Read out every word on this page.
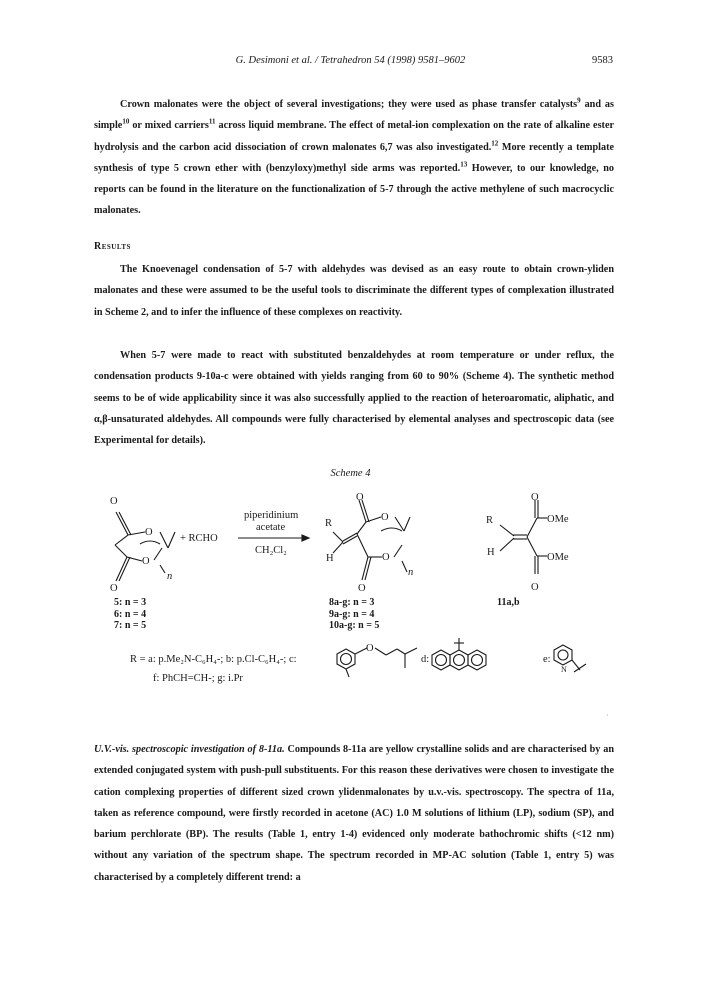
G. Desimoni et al. / Tetrahedron 54 (1998) 9581–9602	9583

Crown malonates were the object of several investigations; they were used as phase transfer catalysts$^9$ and as simple$^{10}$ or mixed carriers$^{11}$ across liquid membrane. The effect of metal-ion complexation on the rate of alkaline ester hydrolysis and the carbon acid dissociation of crown malonates 6,7 was also investigated.$^{12}$ More recently a template synthesis of type 5 crown ether with (benzyloxy)methyl side arms was reported.$^{13}$ However, to our knowledge, no reports can be found in the literature on the functionalization of 5-7 through the active methylene of such macrocyclic malonates.

Results

The Knoevenagel condensation of 5-7 with aldehydes was devised as an easy route to obtain crown-yliden malonates and these were assumed to be the useful tools to discriminate the different types of complexation illustrated in Scheme 2, and to infer the influence of these complexes on reactivity.

When 5-7 were made to react with substituted benzaldehydes at room temperature or under reflux, the condensation products 9-10a-c were obtained with yields ranging from 60 to 90% (Scheme 4). The synthetic method seems to be of wide applicability since it was also successfully applied to the reaction of heteroaromatic, aliphatic, and α,β-unsaturated aldehydes. All compounds were fully characterised by elemental analyses and spectroscopic data (see Experimental for details).

Scheme 4
O
O
O
O
n
+ RCHO
piperidinium
acetate
CH₂Cl₂
O
R
O
H	O
n
O
O
R	OMe
H	OMe
O
O
N
5: n = 3
6: n = 4
7: n = 5
8a-g: n = 3
9a-g: n = 4
10a-g: n = 5
11a,b
R = a: p.Me₂N-C₆H₄-; b: p.Cl-C₆H₄-; c:	d:	e:
f: PhCH=CH-; g: i.Pr
·

U.V.-vis. spectroscopic investigation of 8-11a. Compounds 8-11a are yellow crystalline solids and are characterised by an extended conjugated system with push-pull substituents. For this reason these derivatives were chosen to investigate the cation complexing properties of different sized crown ylidenmalonates by u.v.-vis. spectroscopy. The spectra of 11a, taken as reference compound, were firstly recorded in acetone (AC) 1.0 M solutions of lithium (LP), sodium (SP), and barium perchlorate (BP). The results (Table 1, entry 1-4) evidenced only moderate bathochromic shifts (<12 nm) without any variation of the spectrum shape. The spectrum recorded in MP-AC solution (Table 1, entry 5) was characterised by a completely different trend: a
